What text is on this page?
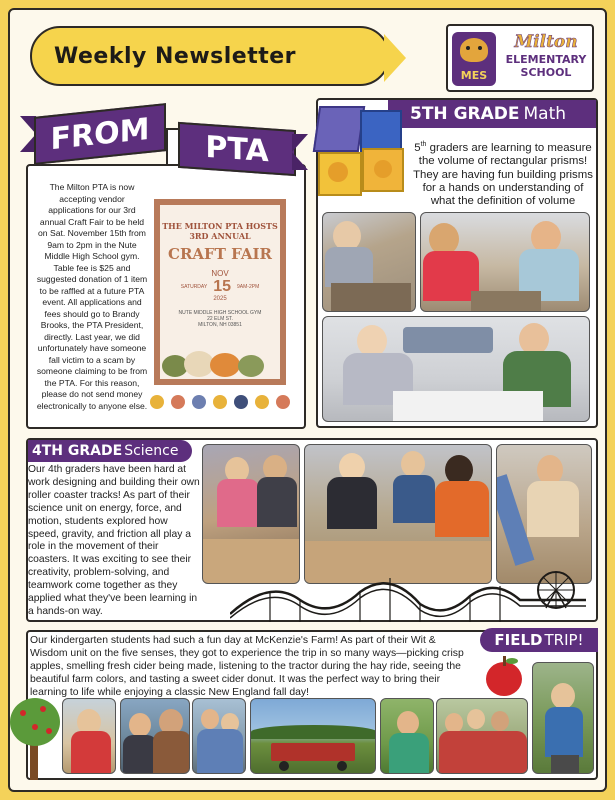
Weekly Newsletter
MES
Milton
ELEMENTARY
SCHOOL
FROM	PTA
The Milton PTA is now accepting vendor applications for our 3rd annual Craft Fair to be held on Sat. November 15th from 9am to 2pm in the Nute Middle High School gym. Table fee is $25 and suggested donation of 1 item to be raffled at a future PTA event. All applications and fees should go to Brandy Brooks, the PTA President, directly. Last year, we did unfortunately have someone fall victim to a scam by someone claiming to be from the PTA. For this reason, please do not send money electronically to anyone else.
THE MILTON PTA HOSTS
3RD ANNUAL
CRAFT FAIR
NOV
SATURDAY 15 9AM-2PM
2025
NUTE MIDDLE HIGH SCHOOL GYM
22 ELM ST.
MILTON, NH 03851
5TH GRADE Math
5th graders are learning to measure the volume of rectangular prisms! They are having fun building prisms for a hands on understanding of what the definition of volume
4TH GRADE Science
Our 4th graders have been hard at work designing and building their own roller coaster tracks! As part of their science unit on energy, force, and motion, students explored how speed, gravity, and friction all play a role in the movement of their coasters. It was exciting to see their creativity, problem-solving, and teamwork come together as they applied what they've been learning in a hands-on way.
FIELD TRIP!
Our kindergarten students had such a fun day at McKenzie's Farm! As part of their Wit & Wisdom unit on the five senses, they got to experience the trip in so many ways—picking crisp apples, smelling fresh cider being made, listening to the tractor during the hay ride, seeing the beautiful farm colors, and tasting a sweet cider donut. It was the perfect way to bring their learning to life while enjoying a classic New England fall day!
